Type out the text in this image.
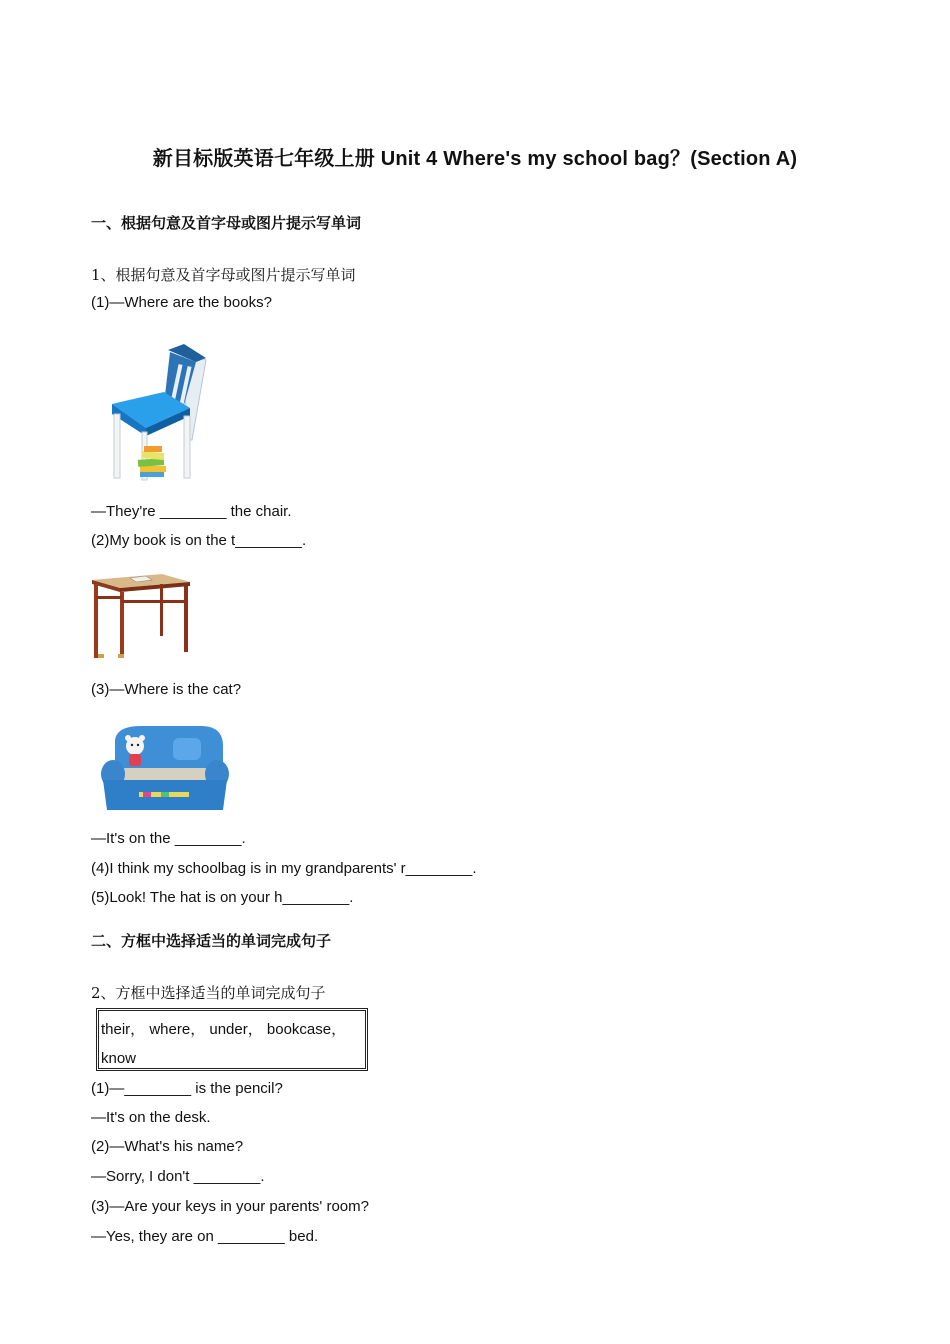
新目标版英语七年级上册 Unit 4 Where's my school bag？(Section A)
一、根据句意及首字母或图片提示写单词
1、根据句意及首字母或图片提示写单词
(1)—Where are the books?
—They're ________ the chair.
(2)My book is on the t________.
(3)—Where is the cat?
—It's on the ________.
(4)I think my schoolbag is in my grandparents' r________.
(5)Look! The hat is on your h________.
二、方框中选择适当的单词完成句子
2、方框中选择适当的单词完成句子
their， where， under， bookcase，
know
(1)—________ is the pencil?
—It's on the desk.
(2)—What's his name?
—Sorry, I don't ________.
(3)—Are your keys in your parents' room?
—Yes, they are on ________ bed.
